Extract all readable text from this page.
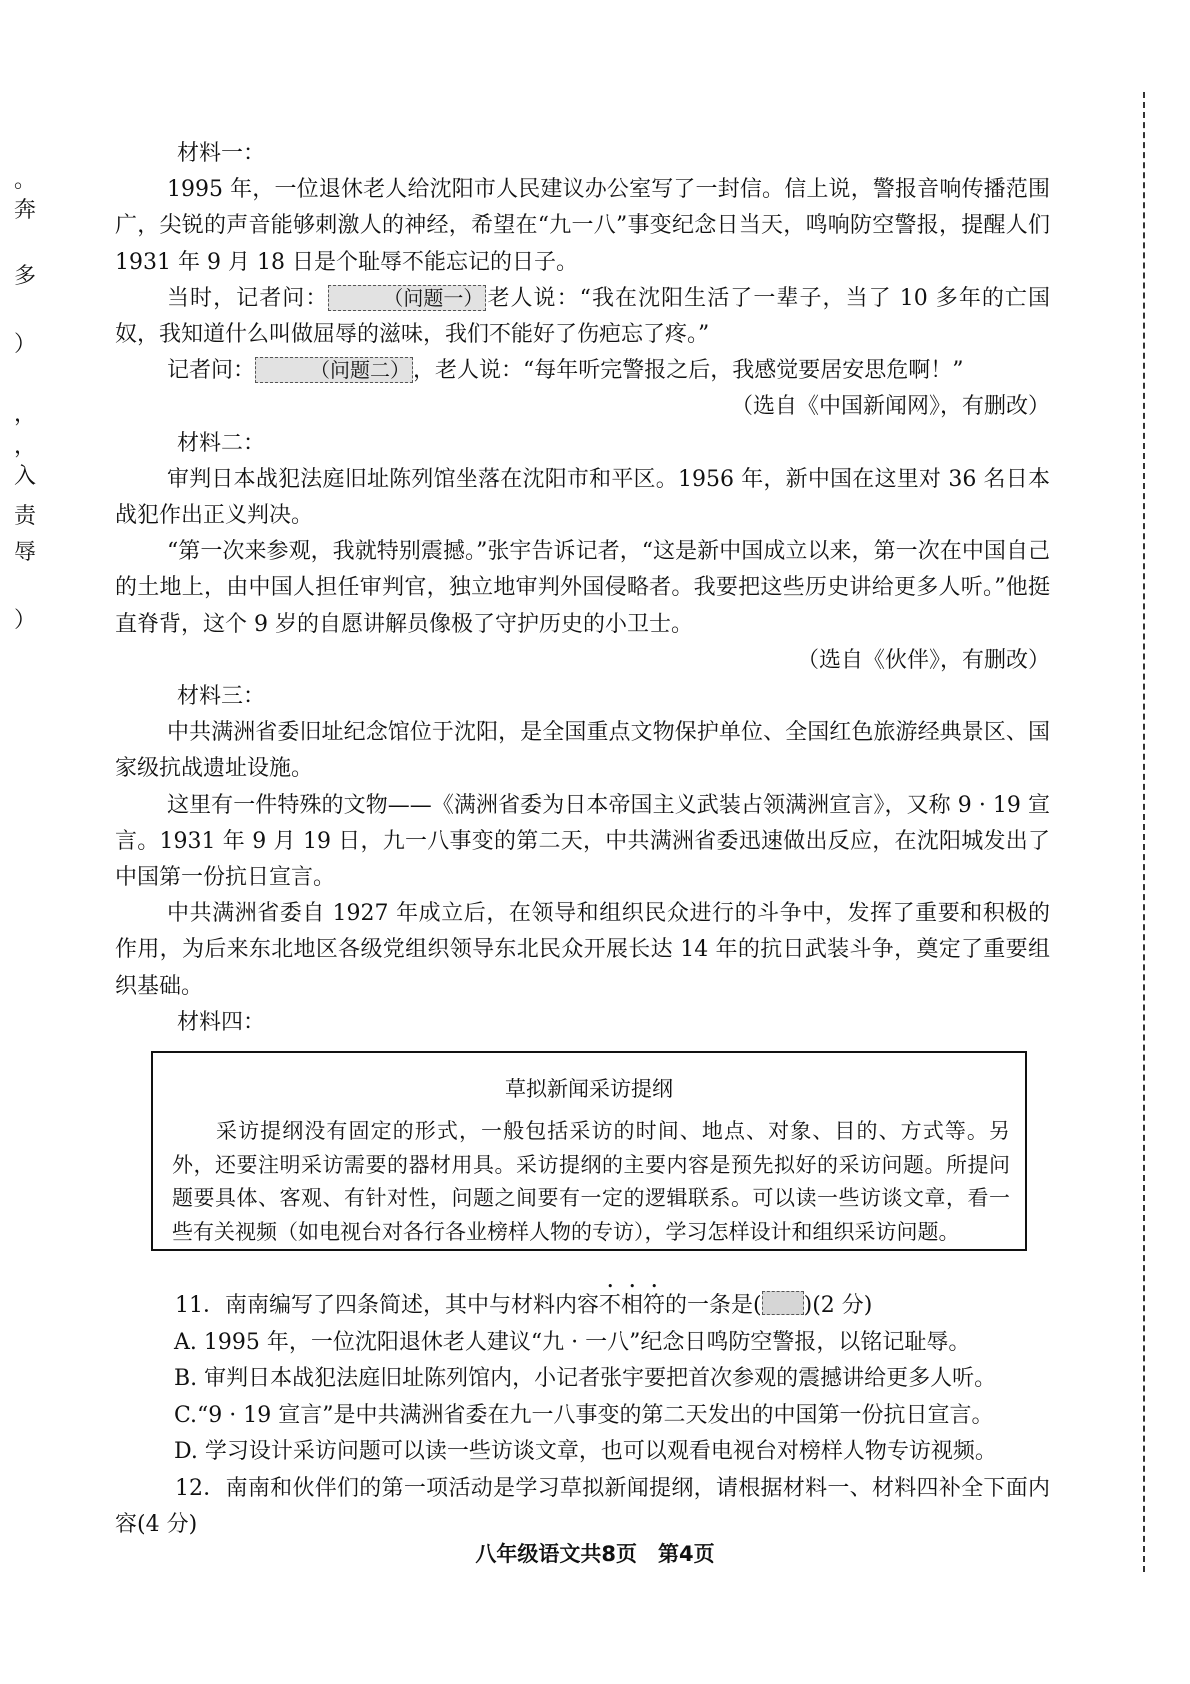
。
奔
多
）
，
，
入
责
辱
）

材料一：

1995 年，一位退休老人给沈阳市人民建议办公室写了一封信。信上说，警报音响传播范围广，尖锐的声音能够刺激人的神经，希望在“九一八”事变纪念日当天，鸣响防空警报，提醒人们 1931 年 9 月 18 日是个耻辱不能忘记的日子。

当时，记者问：	（问题一） 老人说：“我在沈阳生活了一辈子，当了 10 多年的亡国奴，我知道什么叫做屈辱的滋味，我们不能好了伤疤忘了疼。”

记者问：	（问题二） ，老人说：“每年听完警报之后，我感觉要居安思危啊！”

（选自《中国新闻网》，有删改）

材料二：

审判日本战犯法庭旧址陈列馆坐落在沈阳市和平区。1956 年，新中国在这里对 36 名日本战犯作出正义判决。

“第一次来参观，我就特别震撼。”张宇告诉记者，“这是新中国成立以来，第一次在中国自己的土地上，由中国人担任审判官，独立地审判外国侵略者。我要把这些历史讲给更多人听。”他挺直脊背，这个 9 岁的自愿讲解员像极了守护历史的小卫士。

（选自《伙伴》，有删改）

材料三：

中共满洲省委旧址纪念馆位于沈阳，是全国重点文物保护单位、全国红色旅游经典景区、国家级抗战遗址设施。

这里有一件特殊的文物——《满洲省委为日本帝国主义武装占领满洲宣言》，又称 9 · 19 宣言。1931 年 9 月 19 日，九一八事变的第二天，中共满洲省委迅速做出反应，在沈阳城发出了中国第一份抗日宣言。

中共满洲省委自 1927 年成立后，在领导和组织民众进行的斗争中，发挥了重要和积极的作用，为后来东北地区各级党组织领导东北民众开展长达 14 年的抗日武装斗争，奠定了重要组织基础。

材料四：

草拟新闻采访提纲

采访提纲没有固定的形式，一般包括采访的时间、地点、对象、目的、方式等。另外，还要注明采访需要的器材用具。采访提纲的主要内容是预先拟好的采访问题。所提问题要具体、客观、有针对性，问题之间要有一定的逻辑联系。可以读一些访谈文章，看一些有关视频（如电视台对各行各业榜样人物的专访），学习怎样设计和组织采访问题。

11．南南编写了四条简述，其中与材料内容不相符的一条是( )(2 分)

A. 1995 年，一位沈阳退休老人建议“九 · 一八”纪念日鸣防空警报，以铭记耻辱。

B. 审判日本战犯法庭旧址陈列馆内，小记者张宇要把首次参观的震撼讲给更多人听。

C.“9 · 19 宣言”是中共满洲省委在九一八事变的第二天发出的中国第一份抗日宣言。

D. 学习设计采访问题可以读一些访谈文章，也可以观看电视台对榜样人物专访视频。

12．南南和伙伴们的第一项活动是学习草拟新闻提纲，请根据材料一、材料四补全下面内容(4 分)

八年级语文共8页　第4页
